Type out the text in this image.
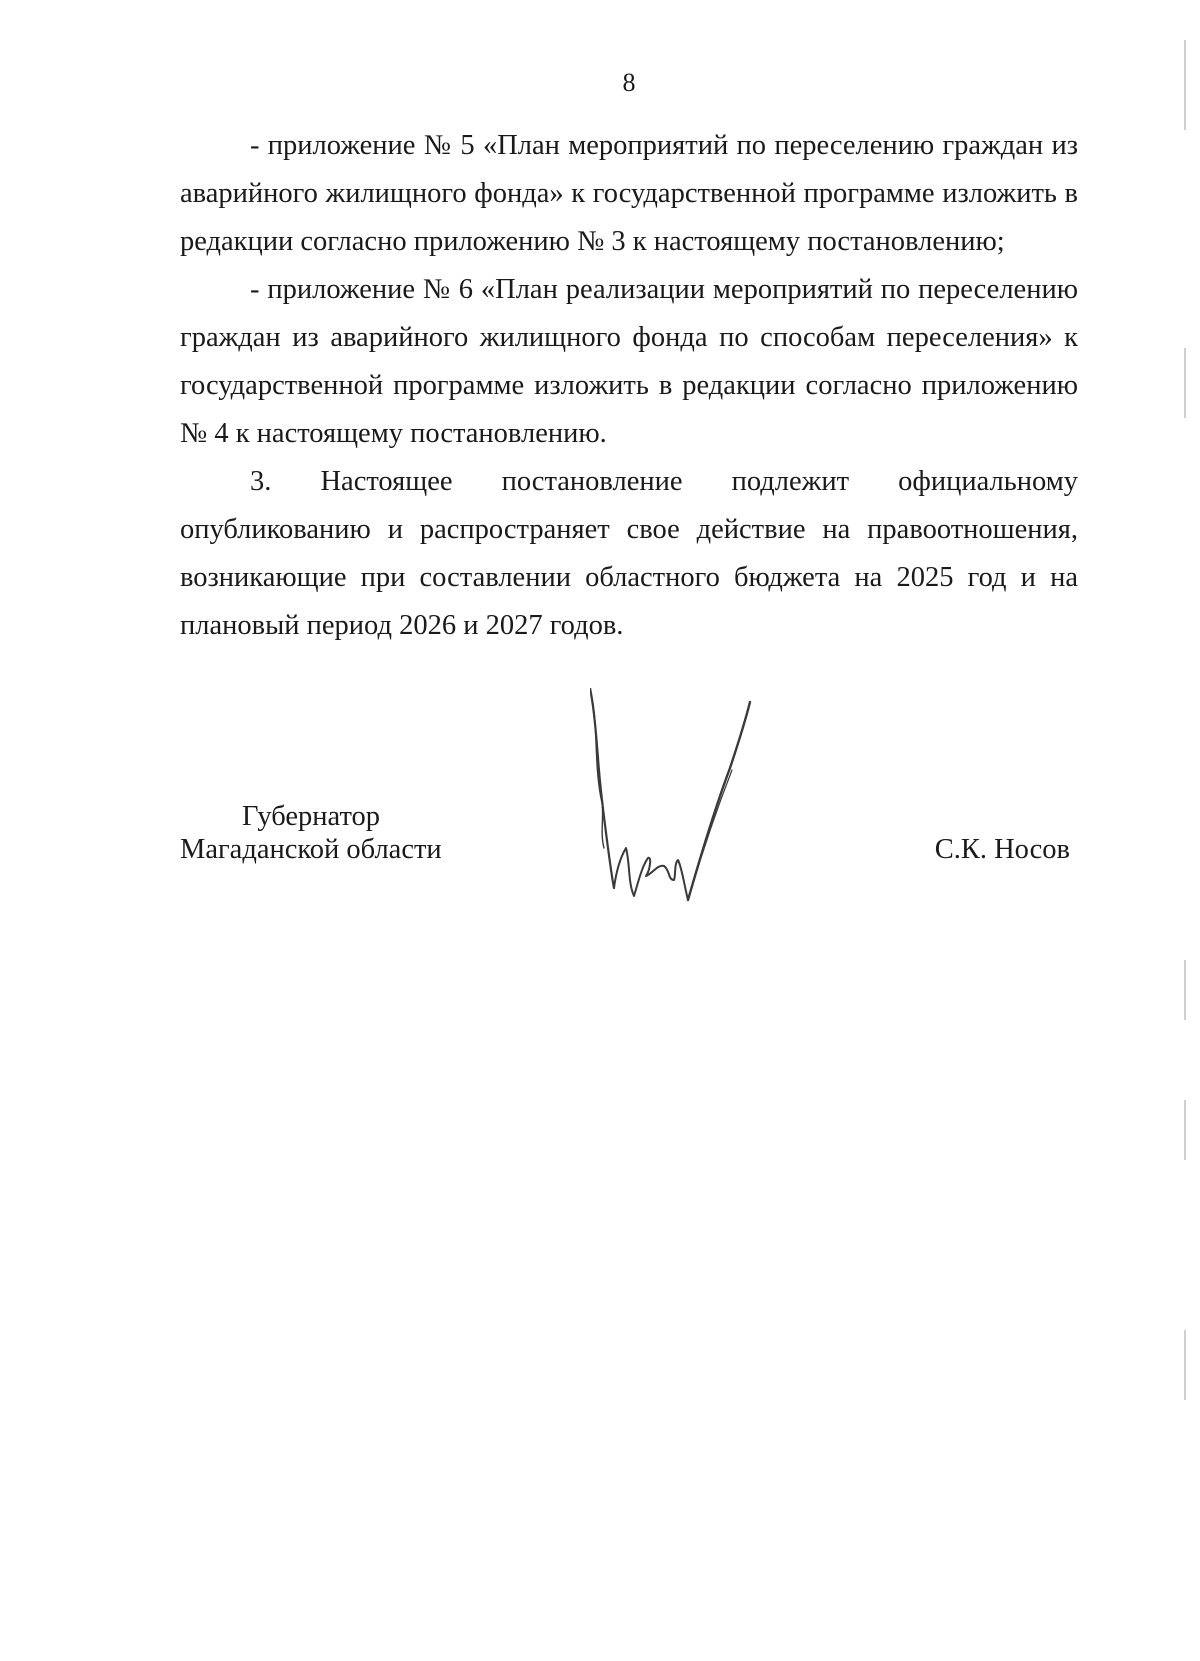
8

- приложение № 5 «План мероприятий по переселению граждан из аварийного жилищного фонда» к государственной программе изложить в редакции согласно приложению № 3 к настоящему постановлению;

- приложение № 6 «План реализации мероприятий по переселению граждан из аварийного жилищного фонда по способам переселения» к государственной программе изложить в редакции согласно приложению № 4 к настоящему постановлению.

3. Настоящее постановление подлежит официальному опубликованию и распространяет свое действие на правоотношения, возникающие при составлении областного бюджета на 2025 год и на плановый период 2026 и 2027 годов.

Губернатор
Магаданской области	С.К. Носов
